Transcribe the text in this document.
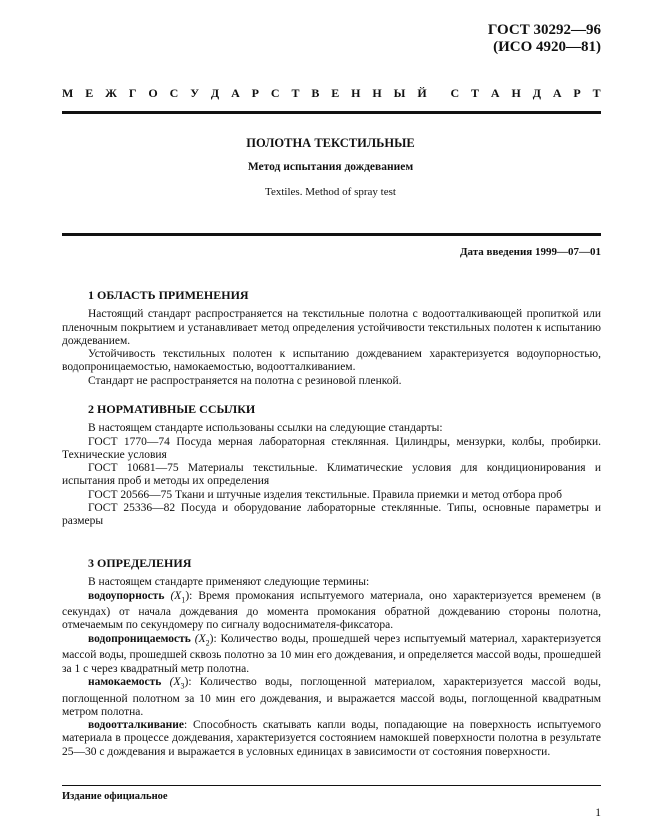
ГОСТ 30292—96
(ИСО 4920—81)
М Е Ж Г О С У Д А Р С Т В Е Н Н Ы Й С Т А Н Д А Р Т
ПОЛОТНА ТЕКСТИЛЬНЫЕ
Метод испытания дождеванием
Textiles. Method of spray test
Дата введения 1999—07—01

1 ОБЛАСТЬ ПРИМЕНЕНИЯ

Настоящий стандарт распространяется на текстильные полотна с водоотталкивающей пропиткой или пленочным покрытием и устанавливает метод определения устойчивости текстильных полотен к испытанию дождеванием.

Устойчивость текстильных полотен к испытанию дождеванием характеризуется водоупорностью, водопроницаемостью, намокаемостью, водоотталкиванием.

Стандарт не распространяется на полотна с резиновой пленкой.

2 НОРМАТИВНЫЕ ССЫЛКИ

В настоящем стандарте использованы ссылки на следующие стандарты:

ГОСТ 1770—74 Посуда мерная лабораторная стеклянная. Цилиндры, мензурки, колбы, пробирки. Технические условия

ГОСТ 10681—75 Материалы текстильные. Климатические условия для кондиционирования и испытания проб и методы их определения

ГОСТ 20566—75 Ткани и штучные изделия текстильные. Правила приемки и метод отбора проб

ГОСТ 25336—82 Посуда и оборудование лабораторные стеклянные. Типы, основные параметры и размеры

3 ОПРЕДЕЛЕНИЯ

В настоящем стандарте применяют следующие термины:

водоупорность $(X_1)$: Время промокания испытуемого материала, оно характеризуется временем (в секундах) от начала дождевания до момента промокания обратной дождеванию стороны полотна, отмечаемым по секундомеру по сигналу водоснимателя-фиксатора.

водопроницаемость $(X_2)$: Количество воды, прошедшей через испытуемый материал, характеризуется массой воды, прошедшей сквозь полотно за 10 мин его дождевания, и определяется массой воды, прошедшей за 1 с через квадратный метр полотна.

намокаемость $(X_3)$: Количество воды, поглощенной материалом, характеризуется массой воды, поглощенной полотном за 10 мин его дождевания, и выражается массой воды, поглощенной квадратным метром полотна.

водоотталкивание: Способность скатывать капли воды, попадающие на поверхность испытуемого материала в процессе дождевания, характеризуется состоянием намокшей поверхности полотна в результате 25—30 с дождевания и выражается в условных единицах в зависимости от состояния поверхности.

Издание официальное
1
